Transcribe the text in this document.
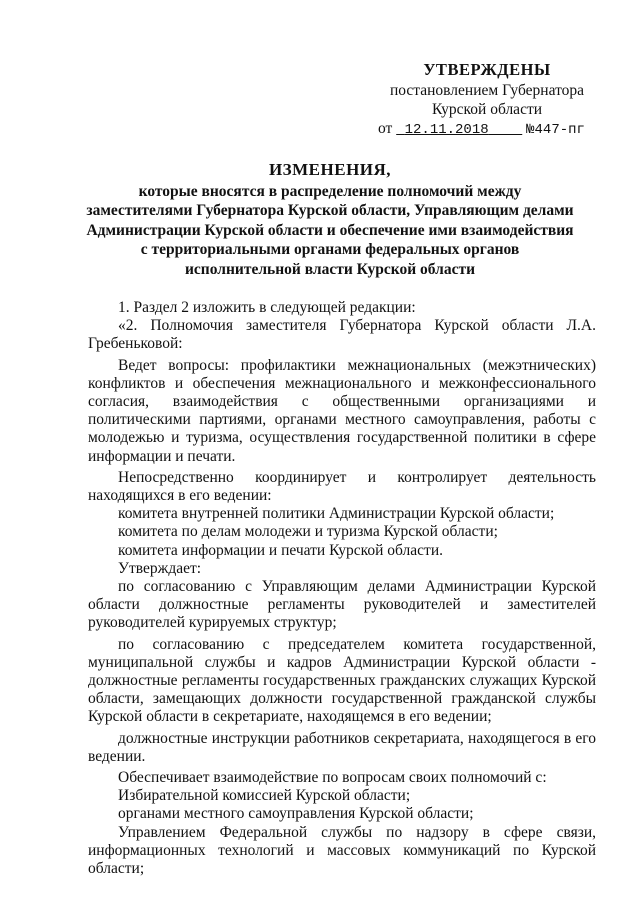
УТВЕРЖДЕНЫ
постановлением Губернатора
Курской области
от 12.11.2018	№447-пг
ИЗМЕНЕНИЯ,
которые вносятся в распределение полномочий между
заместителями Губернатора Курской области, Управляющим делами
Администрации Курской области и обеспечение ими взаимодействия
с территориальными органами федеральных органов
исполнительной власти Курской области

1. Раздел 2 изложить в следующей редакции:

«2. Полномочия заместителя Губернатора Курской области Л.А. Гребеньковой:

Ведет вопросы: профилактики межнациональных (межэтнических) конфликтов и обеспечения межнационального и межконфессионального согласия, взаимодействия с общественными организациями и политическими партиями, органами местного самоуправления, работы с молодежью и туризма, осуществления государственной политики в сфере информации и печати.

Непосредственно координирует и контролирует деятельность находящихся в его ведении:

комитета внутренней политики Администрации Курской области;

комитета по делам молодежи и туризма Курской области;

комитета информации и печати Курской области.

Утверждает:

по согласованию с Управляющим делами Администрации Курской области должностные регламенты руководителей и заместителей руководителей курируемых структур;

по согласованию с председателем комитета государственной, муниципальной службы и кадров Администрации Курской области - должностные регламенты государственных гражданских служащих Курской области, замещающих должности государственной гражданской службы Курской области в секретариате, находящемся в его ведении;

должностные инструкции работников секретариата, находящегося в его ведении.

Обеспечивает взаимодействие по вопросам своих полномочий с:

Избирательной комиссией Курской области;

органами местного самоуправления Курской области;

Управлением Федеральной службы по надзору в сфере связи, информационных технологий и массовых коммуникаций по Курской области;
